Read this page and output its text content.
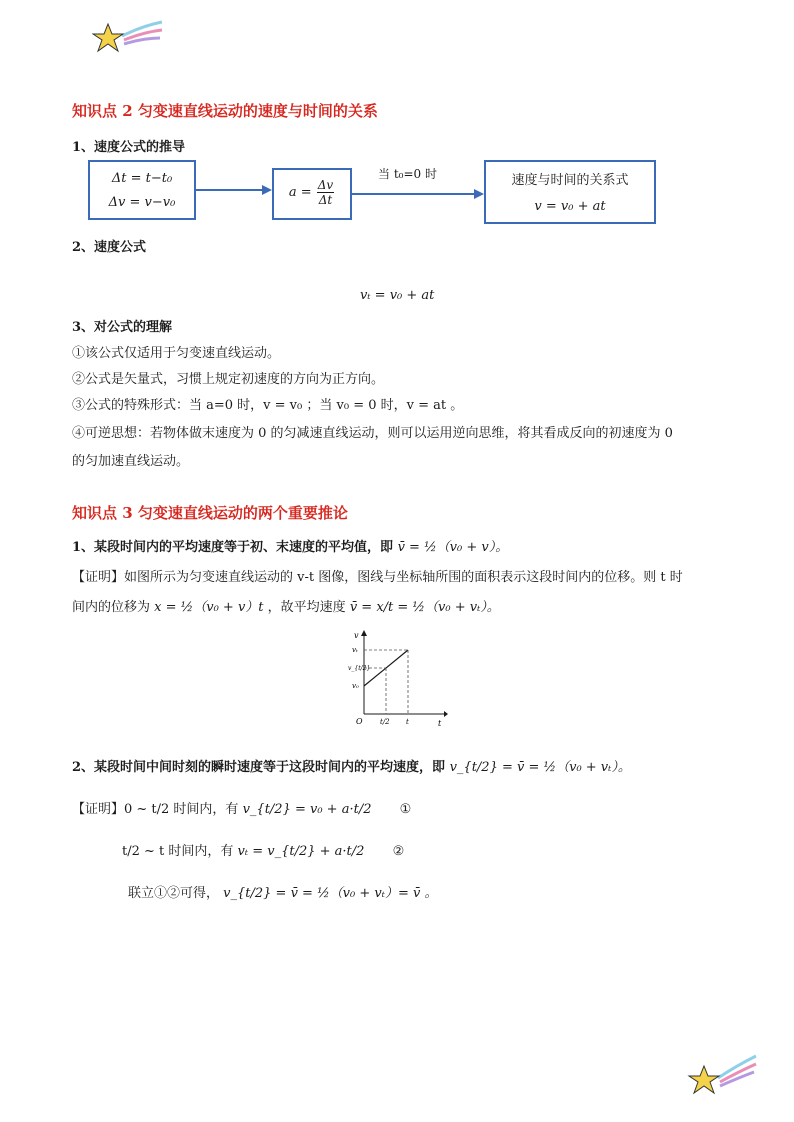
知识点 2 匀变速直线运动的速度与时间的关系
1、速度公式的推导
Δt = t−t₀
Δv = v−v₀
$a = \frac{\Delta v}{\Delta t}$
当 t₀=0 时	速度与时间的关系式
v = v₀ + at
2、速度公式
vₜ = v₀ + at
3、对公式的理解
①该公式仅适用于匀变速直线运动。
②公式是矢量式，习惯上规定初速度的方向为正方向。
③公式的特殊形式：当 a=0 时，v = v₀ ；当 v₀ = 0 时，v = at 。
④可逆思想：若物体做末速度为 0 的匀减速直线运动，则可以运用逆向思维，将其看成反向的初速度为 0
的匀加速直线运动。
知识点 3 匀变速直线运动的两个重要推论
1、某段时间内的平均速度等于初、末速度的平均值，即 v̄ = ½（v₀ + v）。
【证明】如图所示为匀变速直线运动的 v-t 图像，图线与坐标轴所围的面积表示这段时间内的位移。则 t 时
间内的位移为 x = ½（v₀ + v）t ，故平均速度 v̄ = x/t = ½（v₀ + vₜ）。
v
t
O
vₜ
v_{t/2}
v₀
t/2 t
2、某段时间中间时刻的瞬时速度等于这段时间内的平均速度，即 v_{t/2} = v̄ = ½（v₀ + vₜ）。
【证明】0 ~ t/2 时间内，有 v_{t/2} = v₀ + a·t/2 ①
t/2 ~ t 时间内，有 vₜ = v_{t/2} + a·t/2 ②
联立①②可得， v_{t/2} = v̄ = ½（v₀ + vₜ）= v̄ 。
